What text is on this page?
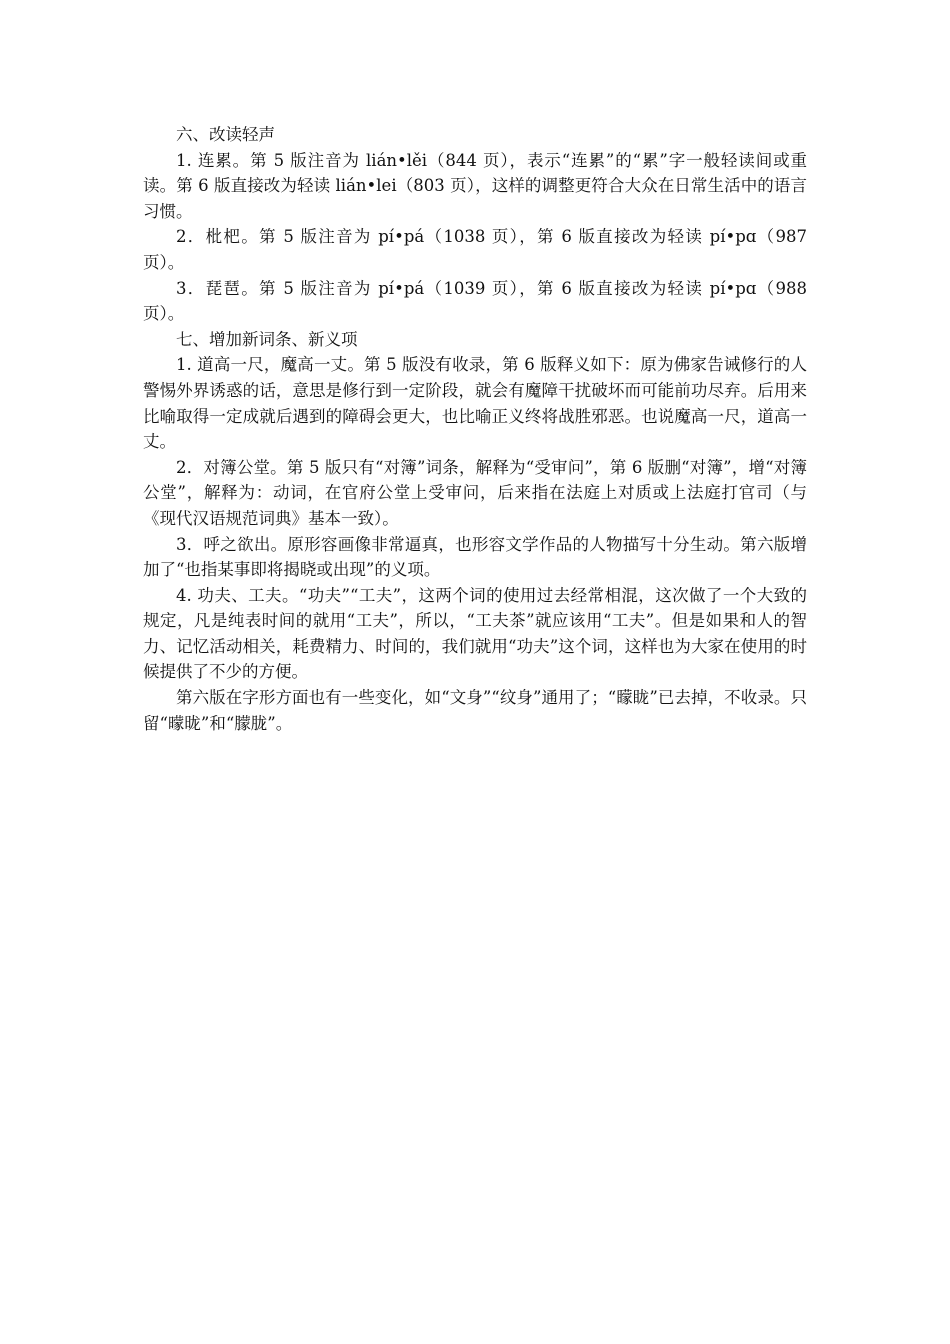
六、改读轻声

1. 连累。第 5 版注音为 lián•lěi（844 页），表示“连累”的“累”字一般轻读间或重读。第 6 版直接改为轻读 lián•lei（803 页），这样的调整更符合大众在日常生活中的语言习惯。

2．枇杷。第 5 版注音为 pí•pá（1038 页），第 6 版直接改为轻读 pí•pɑ（987 页）。

3．琵琶。第 5 版注音为 pí•pá（1039 页），第 6 版直接改为轻读 pí•pɑ（988 页）。

七、增加新词条、新义项

1. 道高一尺，魔高一丈。第 5 版没有收录，第 6 版释义如下：原为佛家告诫修行的人警惕外界诱惑的话，意思是修行到一定阶段，就会有魔障干扰破坏而可能前功尽弃。后用来比喻取得一定成就后遇到的障碍会更大，也比喻正义终将战胜邪恶。也说魔高一尺，道高一丈。

2．对簿公堂。第 5 版只有“对簿”词条，解释为“受审问”，第 6 版删“对簿”，增“对簿公堂”，解释为：动词，在官府公堂上受审问，后来指在法庭上对质或上法庭打官司（与《现代汉语规范词典》基本一致）。

3．呼之欲出。原形容画像非常逼真，也形容文学作品的人物描写十分生动。第六版增加了“也指某事即将揭晓或出现”的义项。

4. 功夫、工夫。“功夫”“工夫”，这两个词的使用过去经常相混，这次做了一个大致的规定，凡是纯表时间的就用“工夫”，所以，“工夫茶”就应该用“工夫”。但是如果和人的智力、记忆活动相关，耗费精力、时间的，我们就用“功夫”这个词，这样也为大家在使用的时候提供了不少的方便。

第六版在字形方面也有一些变化，如“文身”“纹身”通用了；“矇眬”已去掉，不收录。只留“曚昽”和“朦胧”。
